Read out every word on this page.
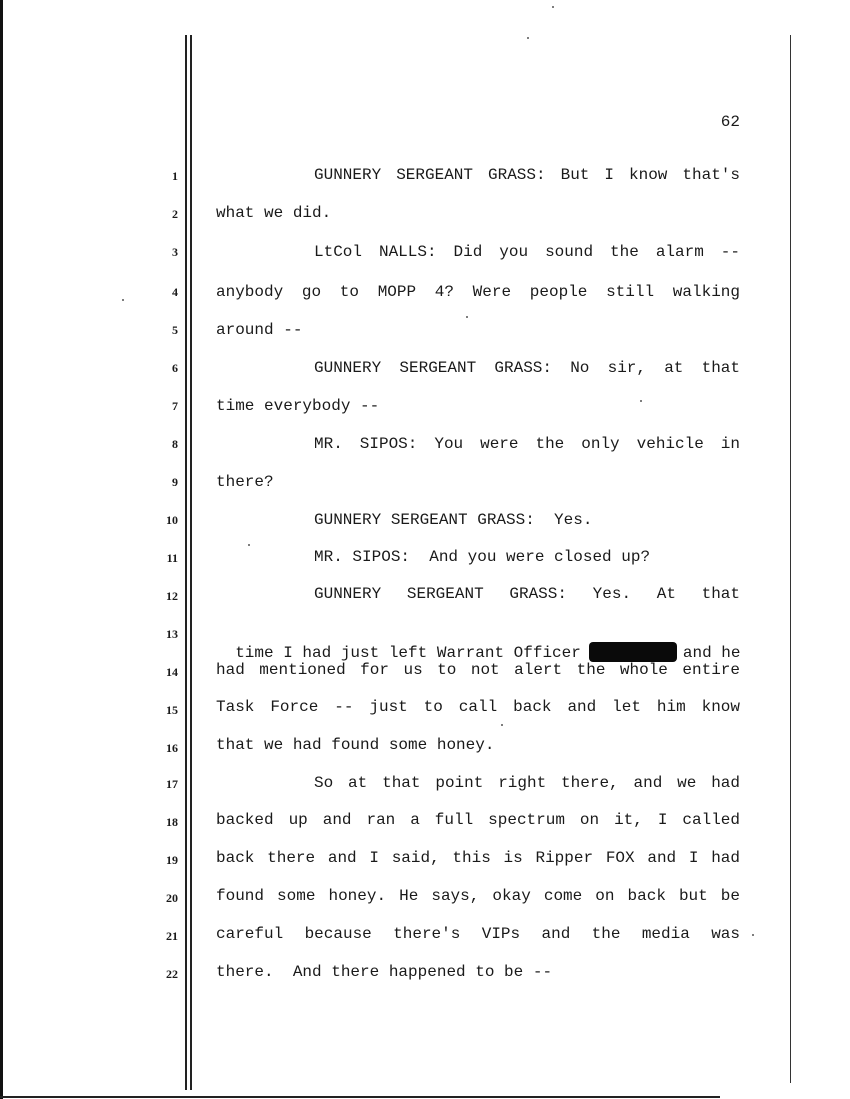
62
1
2
3
4
5
6
7
8
9
10
11
12
13
14
15
16
17
18
19
20
21
22
GUNNERY SERGEANT GRASS: But I know that's
what we did.
LtCol NALLS: Did you sound the alarm --
anybody go to MOPP 4? Were people still walking
around --
GUNNERY SERGEANT GRASS: No sir, at that
time everybody --
MR. SIPOS: You were the only vehicle in
there?
GUNNERY SERGEANT GRASS:  Yes.
MR. SIPOS:  And you were closed up?
GUNNERY SERGEANT GRASS: Yes. At that

time I had just left Warrant Officer	and he

had mentioned for us to not alert the whole entire
Task Force -- just to call back and let him know
that we had found some honey.
So at that point right there, and we had
backed up and ran a full spectrum on it, I called
back there and I said, this is Ripper FOX and I had
found some honey. He says, okay come on back but be
careful because there's VIPs and the media was
there.  And there happened to be --
